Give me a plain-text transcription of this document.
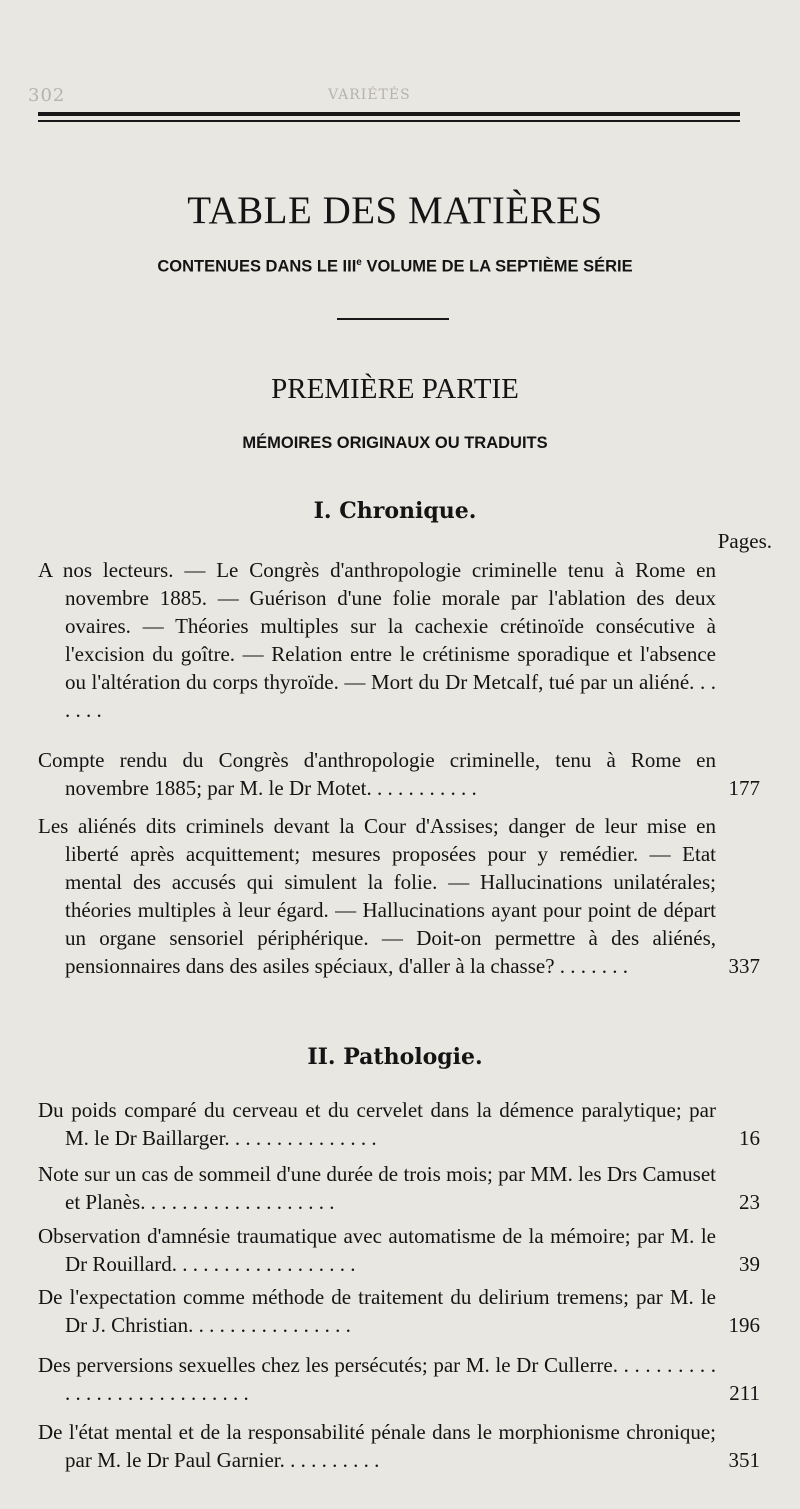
302	VARIÉTÉS
TABLE DES MATIÈRES
CONTENUES DANS LE IIIe VOLUME DE LA SEPTIÈME SÉRIE
PREMIÈRE PARTIE
MÉMOIRES ORIGINAUX OU TRADUITS
I. Chronique.
Pages.
A nos lecteurs. — Le Congrès d'anthropologie criminelle tenu à Rome en novembre 1885. — Guérison d'une folie morale par l'ablation des deux ovaires. — Théories multiples sur la cachexie crétinoïde consécutive à l'excision du goître. — Relation entre le crétinisme sporadique et l'absence ou l'altération du corps thyroïde. — Mort du Dr Metcalf, tué par un aliéné. . . . . . .
Compte rendu du Congrès d'anthropologie criminelle, tenu à Rome en novembre 1885; par M. le Dr Motet. . . . . . . . . . .	177
Les aliénés dits criminels devant la Cour d'Assises; danger de leur mise en liberté après acquittement; mesures proposées pour y remédier. — Etat mental des accusés qui simulent la folie. — Hallucinations unilatérales; théories multiples à leur égard. — Hallucinations ayant pour point de départ un organe sensoriel périphérique. — Doit-on permettre à des aliénés, pensionnaires dans des asiles spéciaux, d'aller à la chasse? . . . . . . .	337
II. Pathologie.
Du poids comparé du cerveau et du cervelet dans la démence paralytique; par M. le Dr Baillarger. . . . . . . . . . . . . . .	16
Note sur un cas de sommeil d'une durée de trois mois; par MM. les Drs Camuset et Planès. . . . . . . . . . . . . . . . . . .	23
Observation d'amnésie traumatique avec automatisme de la mémoire; par M. le Dr Rouillard. . . . . . . . . . . . . . . . . .	39
De l'expectation comme méthode de traitement du delirium tremens; par M. le Dr J. Christian. . . . . . . . . . . . . . . .	196
Des perversions sexuelles chez les persécutés; par M. le Dr Cullerre. . . . . . . . . . . . . . . . . . . . . . . . . . . .	211
De l'état mental et de la responsabilité pénale dans le morphionisme chronique; par M. le Dr Paul Garnier. . . . . . . . . .	351
